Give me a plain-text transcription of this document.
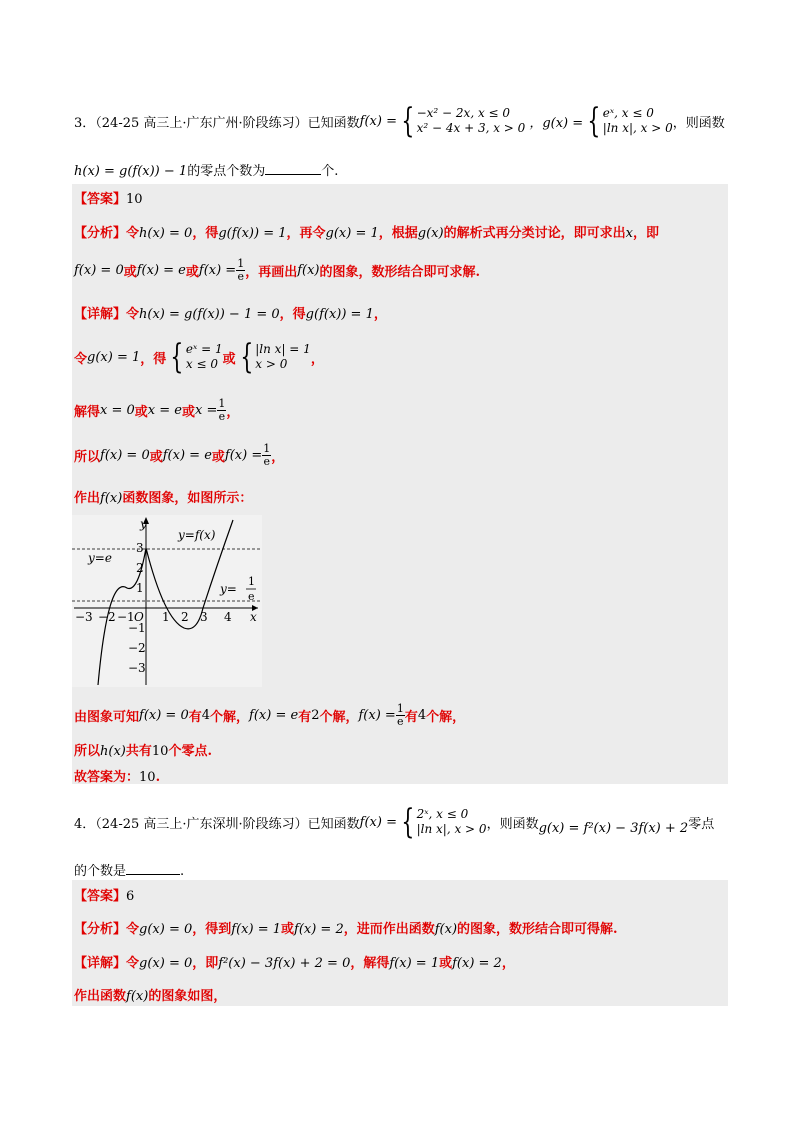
3．（24-25 高三上·广东广州·阶段练习）已知函数 f(x) = { −x² − 2x, x ≤ 0
x² − 4x + 3, x > 0 ，g(x) = { eˣ, x ≤ 0
|ln x|, x > 0 ，则函数
h(x) = g(f(x)) − 1的零点个数为	个.
【答案】10
【分析】令h(x) = 0，得g(f(x)) = 1，再令g(x) = 1，根据g(x)的解析式再分类讨论，即可求出x，即
f(x) = 0 或 f(x) = e 或 $f(x) = \frac{1}{e}$ ，再画出 f(x) 的图象，数形结合即可求解.
【详解】令h(x) = g(f(x)) − 1 = 0，得g(f(x)) = 1，
令 g(x) = 1 ，得 { eˣ = 1
x ≤ 0 或 { |ln x| = 1
x > 0	，
解得 x = 0 或 x = e 或 $x = \frac{1}{e}$ ，
所以 f(x) = 0 或 f(x) = e 或 $f(x) = \frac{1}{e}$ ，
作出f(x)函数图象，如图所示：
y
x
y=f(x)
y=e
y=
1
e
O
−3 −2 −1 1 2 3 4
3
2
1
−1
−2
−3
由图象可知 f(x) = 0 有 4 个解， f(x) = e 有 2 个解， $f(x) = \frac{1}{e}$ 有 4 个解，
所以h(x)共有10个零点.
故答案为：10.
4．（24-25 高三上·广东深圳·阶段练习）已知函数 f(x) = { 2ˣ, x ≤ 0
|ln x|, x > 0 ，则函数 g(x) = f²(x) − 3f(x) + 2 零点
的个数是	.
【答案】6
【分析】令g(x) = 0，得到f(x) = 1或f(x) = 2，进而作出函数f(x)的图象，数形结合即可得解.
【详解】令g(x) = 0，即f²(x) − 3f(x) + 2 = 0，解得f(x) = 1或f(x) = 2，
作出函数f(x)的图象如图，
